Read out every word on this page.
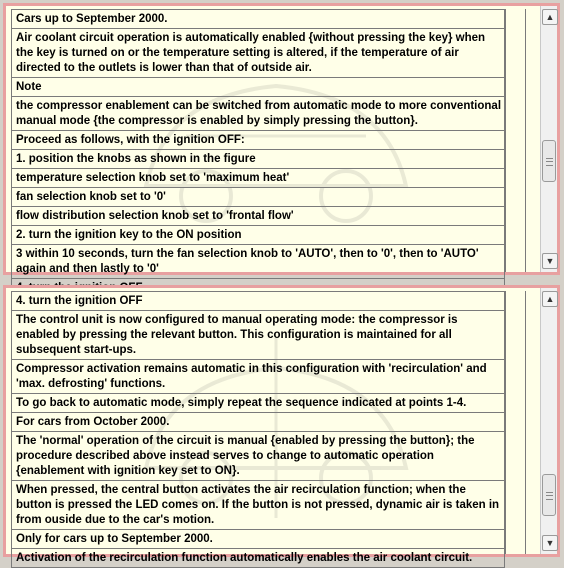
Cars up to September 2000.
Air coolant circuit operation is automatically enabled {without pressing the key} when the key is turned on or the temperature setting is altered, if the temperature of air directed to the outlets is lower than that of outside air.
Note
the compressor enablement can be switched from automatic mode to more conventional manual mode {the compressor is enabled by simply pressing the button}.
Proceed as follows, with the ignition OFF:
1. position the knobs as shown in the figure
temperature selection knob set to 'maximum heat'
fan selection knob set to '0'
flow distribution selection knob set to 'frontal flow'
2. turn the ignition key to the ON position
3 within 10 seconds, turn the fan selection knob to 'AUTO', then to '0', then to 'AUTO' again and then lastly to '0'
▲
▼
4. turn the ignition OFF
The control unit is now configured to manual operating mode: the compressor is enabled by pressing the relevant button. This configuration is maintained for all subsequent start-ups.
Compressor activation remains automatic in this configuration with 'recirculation' and 'max. defrosting' functions.
To go back to automatic mode, simply repeat the sequence indicated at points 1-4.
For cars from October 2000.
The 'normal' operation of the circuit is manual {enabled by pressing the button}; the procedure described above instead serves to change to automatic operation {enablement with ignition key set to ON}.
When pressed, the central button activates the air recirculation function; when the button is pressed the LED comes on. If the button is not pressed, dynamic air is taken in from ouside due to the car's motion.
Only for cars up to September 2000.
Activation of the recirculation function automatically enables the air coolant circuit.
▲
▼
